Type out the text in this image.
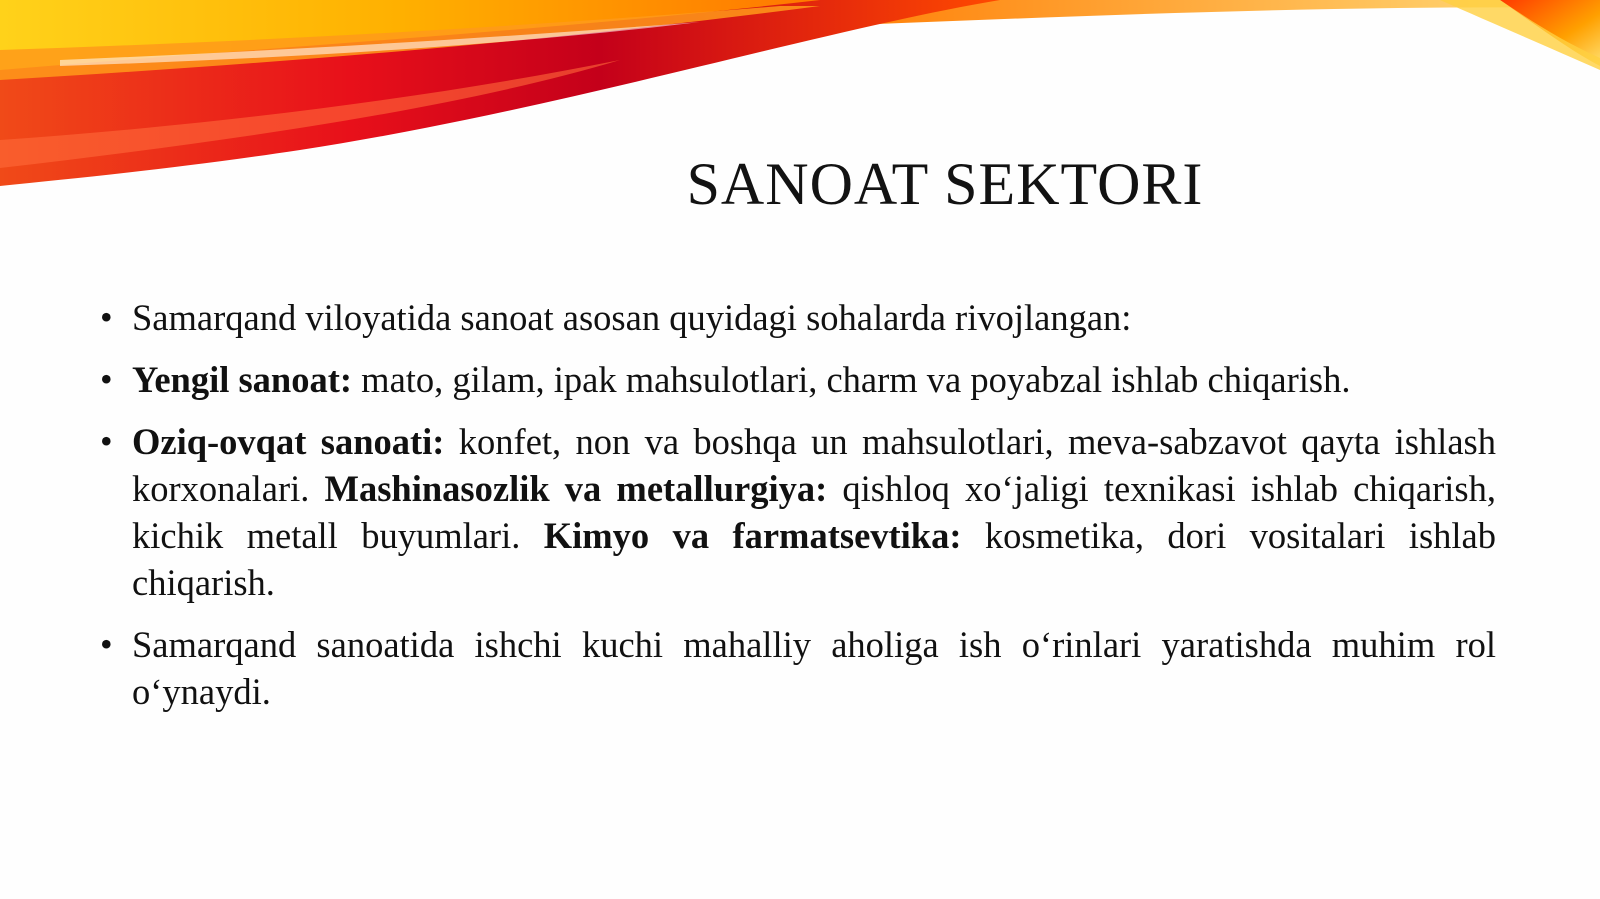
SANOAT SEKTORI
• Samarqand viloyatida sanoat asosan quyidagi sohalarda rivojlangan:
• Yengil sanoat: mato, gilam, ipak mahsulotlari, charm va poyabzal ishlab chiqarish.
• Oziq-ovqat sanoati: konfet, non va boshqa un mahsulotlari, meva-sabzavot qayta ishlash korxonalari. Mashinasozlik va metallurgiya: qishloq xo‘jaligi texnikasi ishlab chiqarish, kichik metall buyumlari. Kimyo va farmatsevtika: kosmetika, dori vositalari ishlab chiqarish.
• Samarqand sanoatida ishchi kuchi mahalliy aholiga ish o‘rinlari yaratishda muhim rol o‘ynaydi.
